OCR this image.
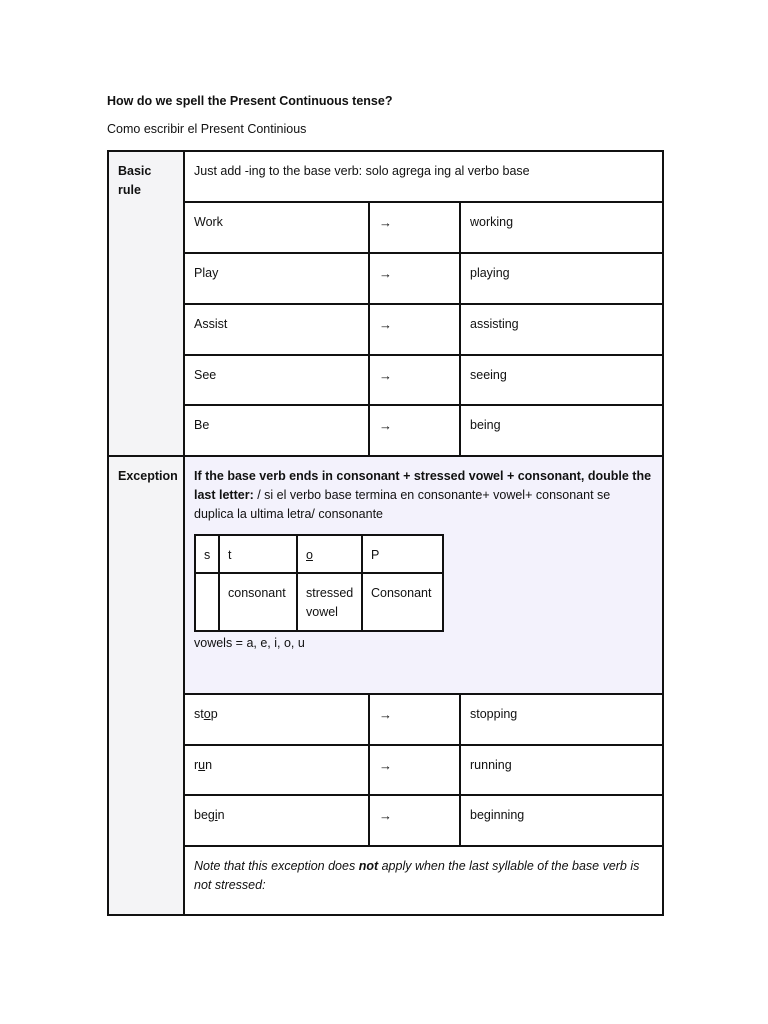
How do we spell the Present Continuous tense?

Como escribir el Present Continious

Basic rule	Just add -ing to the base verb: solo agrega ing al verbo base
Work	→	working
Play	→	playing
Assist	→	assisting
See	→	seeing
Be	→	being
Exception	If the base verb ends in consonant + stressed vowel + consonant, double the last letter: / si el verbo base termina en consonante+ vowel+ consonant se duplica la ultima letra/ consonante
s	t	o	P
	consonant	stressed vowel	Consonant
vowels = a, e, i, o, u

stop	→	stopping
run	→	running
begin	→	beginning
Note that this exception does not apply when the last syllable of the base verb is not stressed:
